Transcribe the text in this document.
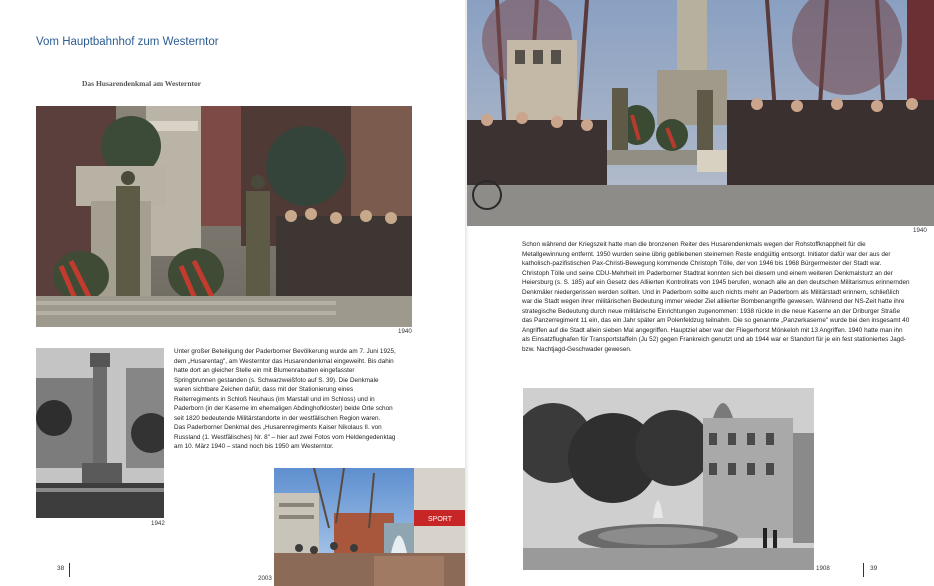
Vom Hauptbahnhof zum Westerntor
Das Husarendenkmal am Westerntor
1940
1942

Unter großer Beteiligung der Paderborner Bevölkerung wurde am 7. Juni 1925, dem „Husarentag", am Westerntor das Husarendenkmal eingeweiht. Bis dahin hatte dort an gleicher Stelle ein mit Blumenrabatten eingefasster Springbrunnen gestanden (s. Schwarzweißfoto auf S. 39). Die Denkmale waren sichtbare Zeichen dafür, dass mit der Stationierung eines Reiterregiments in Schloß Neuhaus (im Marstall und im Schloss) und in Paderborn (in der Kaserne im ehemaligen Abdinghofkloster) beide Orte schon seit 1820 bedeutende Militärstandorte in der westfälischen Region waren.

Das Paderborner Denkmal des „Husarenregiments Kaiser Nikolaus II. von Russland (1. Westfälisches) Nr. 8" – hier auf zwei Fotos vom Heldengedenktag am 10. März 1940 – stand noch bis 1950 am Westerntor.

SPORT
2003
38
1940

Schon während der Kriegszeit hatte man die bronzenen Reiter des Husarendenkmals wegen der Rohstoffknappheit für die Metallgewinnung entfernt. 1950 wurden seine übrig gebliebenen steinernen Reste endgültig entsorgt. Initiator dafür war der aus der katholisch-pazifistischen Pax-Christi-Bewegung kommende Christoph Tölle, der von 1946 bis 1968 Bürgermeister der Stadt war. Christoph Tölle und seine CDU-Mehrheit im Paderborner Stadtrat konnten sich bei diesem und einem weiteren Denkmalsturz an der Heiersburg (s. S. 185) auf ein Gesetz des Alliierten Kontrollrats von 1945 berufen, wonach alle an den deutschen Militarismus erinnernden Denkmäler niedergerissen werden sollten. Und in Paderborn sollte auch nichts mehr an Paderborn als Militärstadt erinnern, schließlich war die Stadt wegen ihrer militärischen Bedeutung immer wieder Ziel alliierter Bombenangriffe gewesen. Während der NS-Zeit hatte ihre strategische Bedeutung durch neue militärische Einrichtungen zugenommen: 1938 rückte in die neue Kaserne an der Driburger Straße das Panzerregiment 11 ein, das ein Jahr später am Polenfeldzug teilnahm. Die so genannte „Panzerkaserne" wurde bei den insgesamt 40 Angriffen auf die Stadt allein sieben Mal angegriffen. Hauptziel aber war der Fliegerhorst Mönkeloh mit 13 Angriffen. 1940 hatte man ihn als Einsatzflughafen für Transportstaffeln (Ju 52) gegen Frankreich genutzt und ab 1944 war er Standort für je ein fest stationiertes Jagd- bzw. Nachtjagd-Geschwader gewesen.

1908	39
